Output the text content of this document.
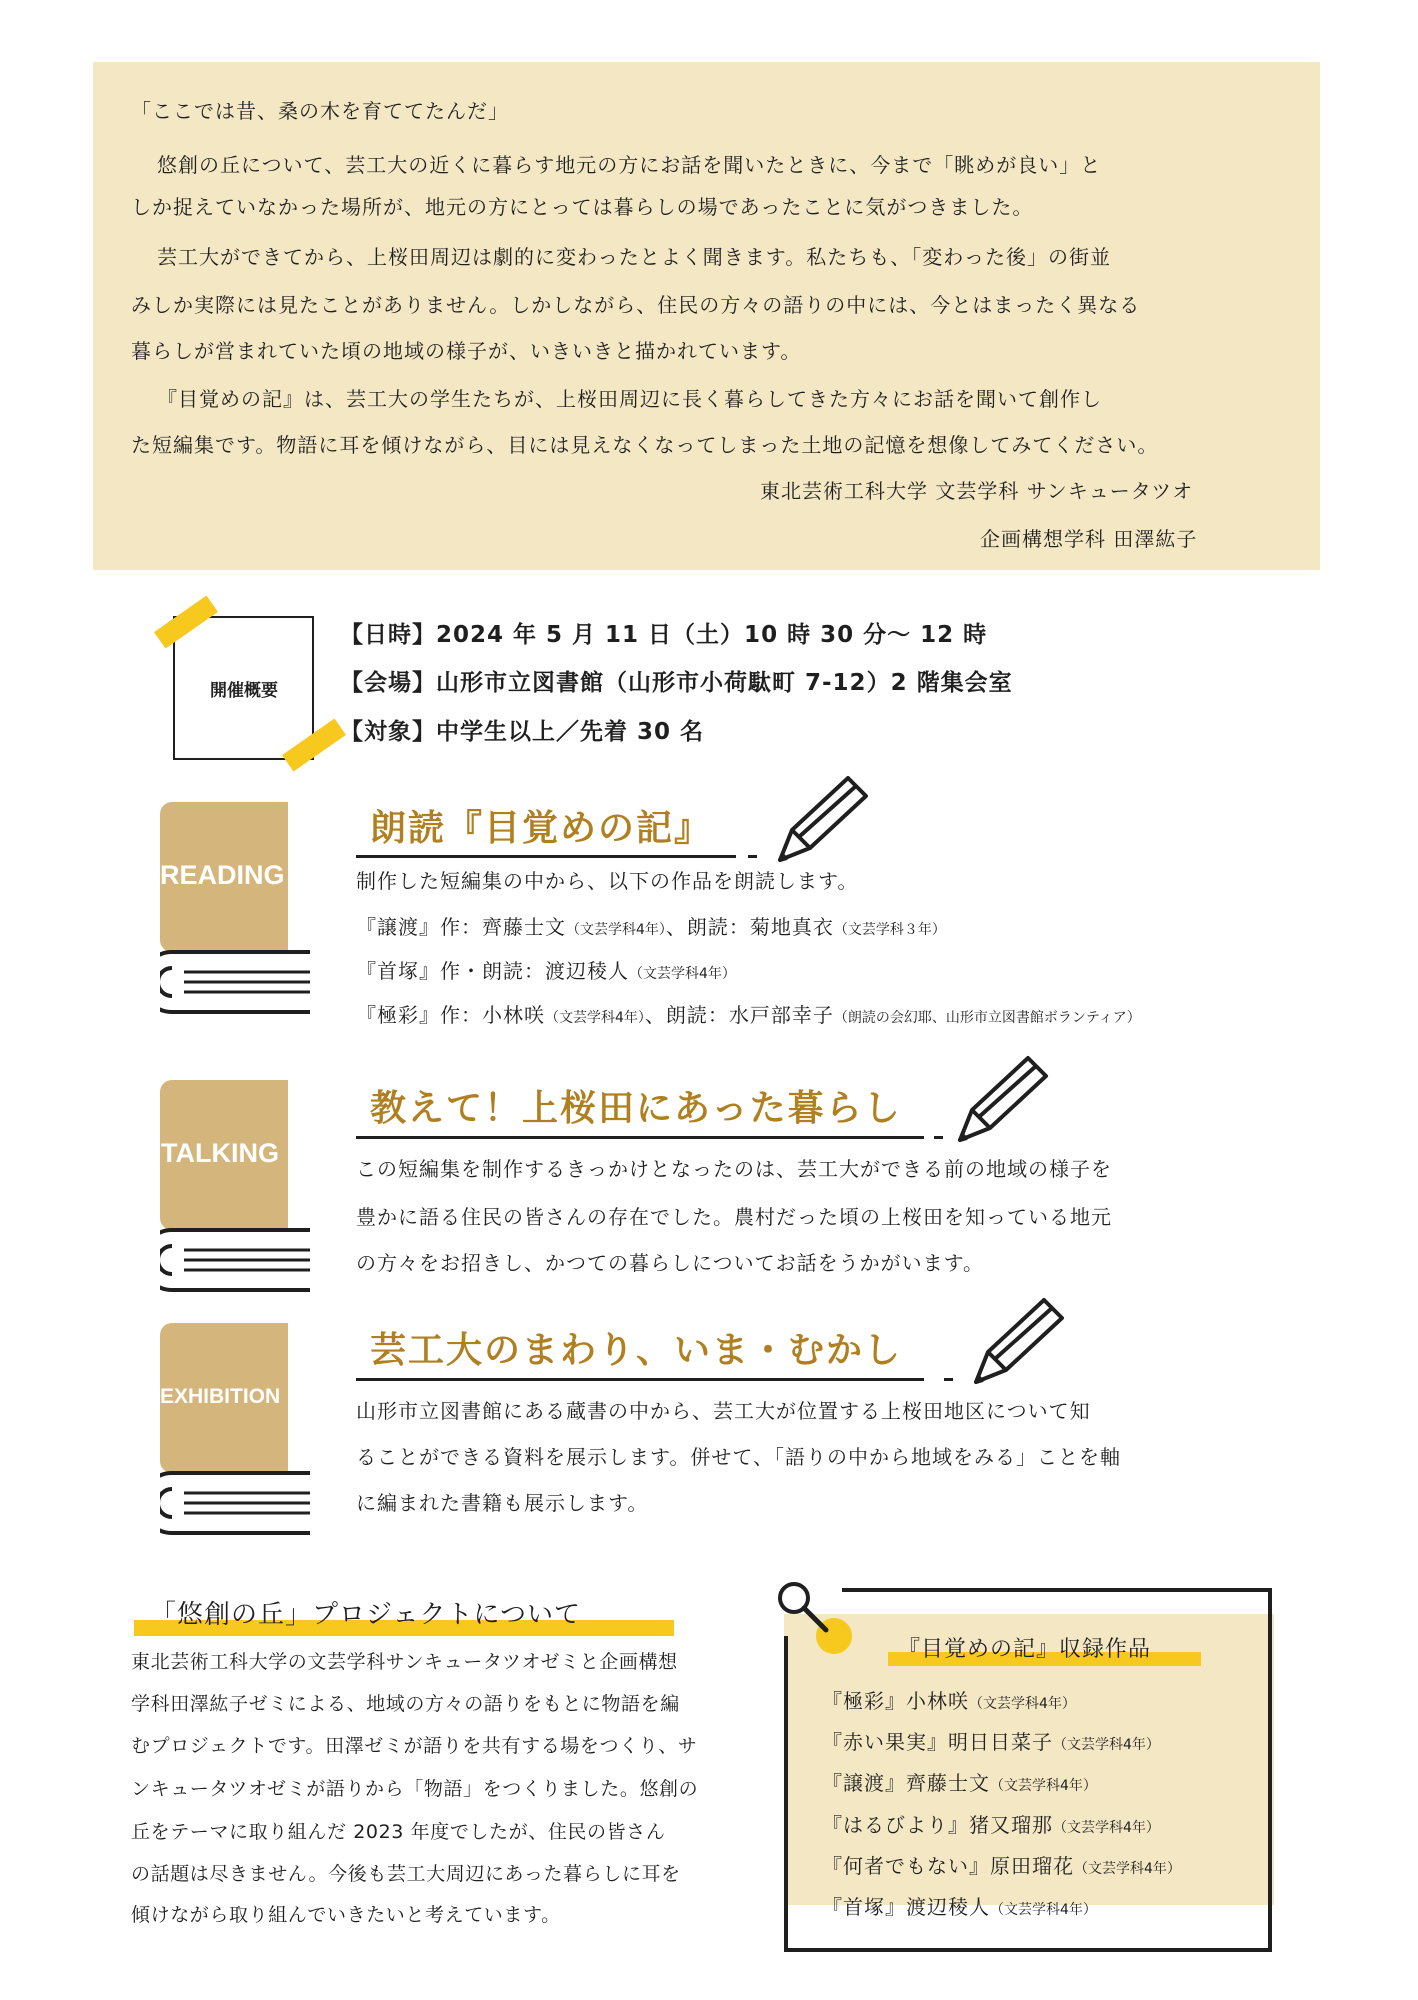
「ここでは昔、桑の木を育ててたんだ」

悠創の丘について、芸工大の近くに暮らす地元の方にお話を聞いたときに、今まで「眺めが良い」と

しか捉えていなかった場所が、地元の方にとっては暮らしの場であったことに気がつきました。

芸工大ができてから、上桜田周辺は劇的に変わったとよく聞きます。私たちも、「変わった後」の街並

みしか実際には見たことがありません。しかしながら、住民の方々の語りの中には、今とはまったく異なる

暮らしが営まれていた頃の地域の様子が、いきいきと描かれています。

『目覚めの記』は、芸工大の学生たちが、上桜田周辺に長く暮らしてきた方々にお話を聞いて創作し

た短編集です。物語に耳を傾けながら、目には見えなくなってしまった土地の記憶を想像してみてください。

東北芸術工科大学 文芸学科 サンキュータツオ
企画構想学科 田澤紘子
開催概要
【日時】2024 年 5 月 11 日（土）10 時 30 分〜 12 時
【会場】山形市立図書館（山形市小荷駄町 7-12）2 階集会室
【対象】中学生以上／先着 30 名
READING
朗読『目覚めの記』
制作した短編集の中から、以下の作品を朗読します。
『譲渡』作：齊藤士文（文芸学科4年）、朗読：菊地真衣（文芸学科３年）
『首塚』作・朗読：渡辺稜人（文芸学科4年）
『極彩』作：小林咲（文芸学科4年）、朗読：水戸部幸子（朗読の会幻耶、山形市立図書館ボランティア）
TALKING
教えて！上桜田にあった暮らし
この短編集を制作するきっかけとなったのは、芸工大ができる前の地域の様子を
豊かに語る住民の皆さんの存在でした。農村だった頃の上桜田を知っている地元
の方々をお招きし、かつての暮らしについてお話をうかがいます。
EXHIBITION
芸工大のまわり、いま・むかし
山形市立図書館にある蔵書の中から、芸工大が位置する上桜田地区について知
ることができる資料を展示します。併せて、「語りの中から地域をみる」ことを軸
に編まれた書籍も展示します。
「悠創の丘」プロジェクトについて
東北芸術工科大学の文芸学科サンキュータツオゼミと企画構想
学科田澤紘子ゼミによる、地域の方々の語りをもとに物語を編
むプロジェクトです。田澤ゼミが語りを共有する場をつくり、サ
ンキュータツオゼミが語りから「物語」をつくりました。悠創の
丘をテーマに取り組んだ 2023 年度でしたが、住民の皆さん
の話題は尽きません。今後も芸工大周辺にあった暮らしに耳を
傾けながら取り組んでいきたいと考えています。
『目覚めの記』収録作品
『極彩』小林咲（文芸学科4年）
『赤い果実』明日日菜子（文芸学科4年）
『譲渡』齊藤士文（文芸学科4年）
『はるびより』猪又瑠那（文芸学科4年）
『何者でもない』原田瑠花（文芸学科4年）
『首塚』渡辺稜人（文芸学科4年）
